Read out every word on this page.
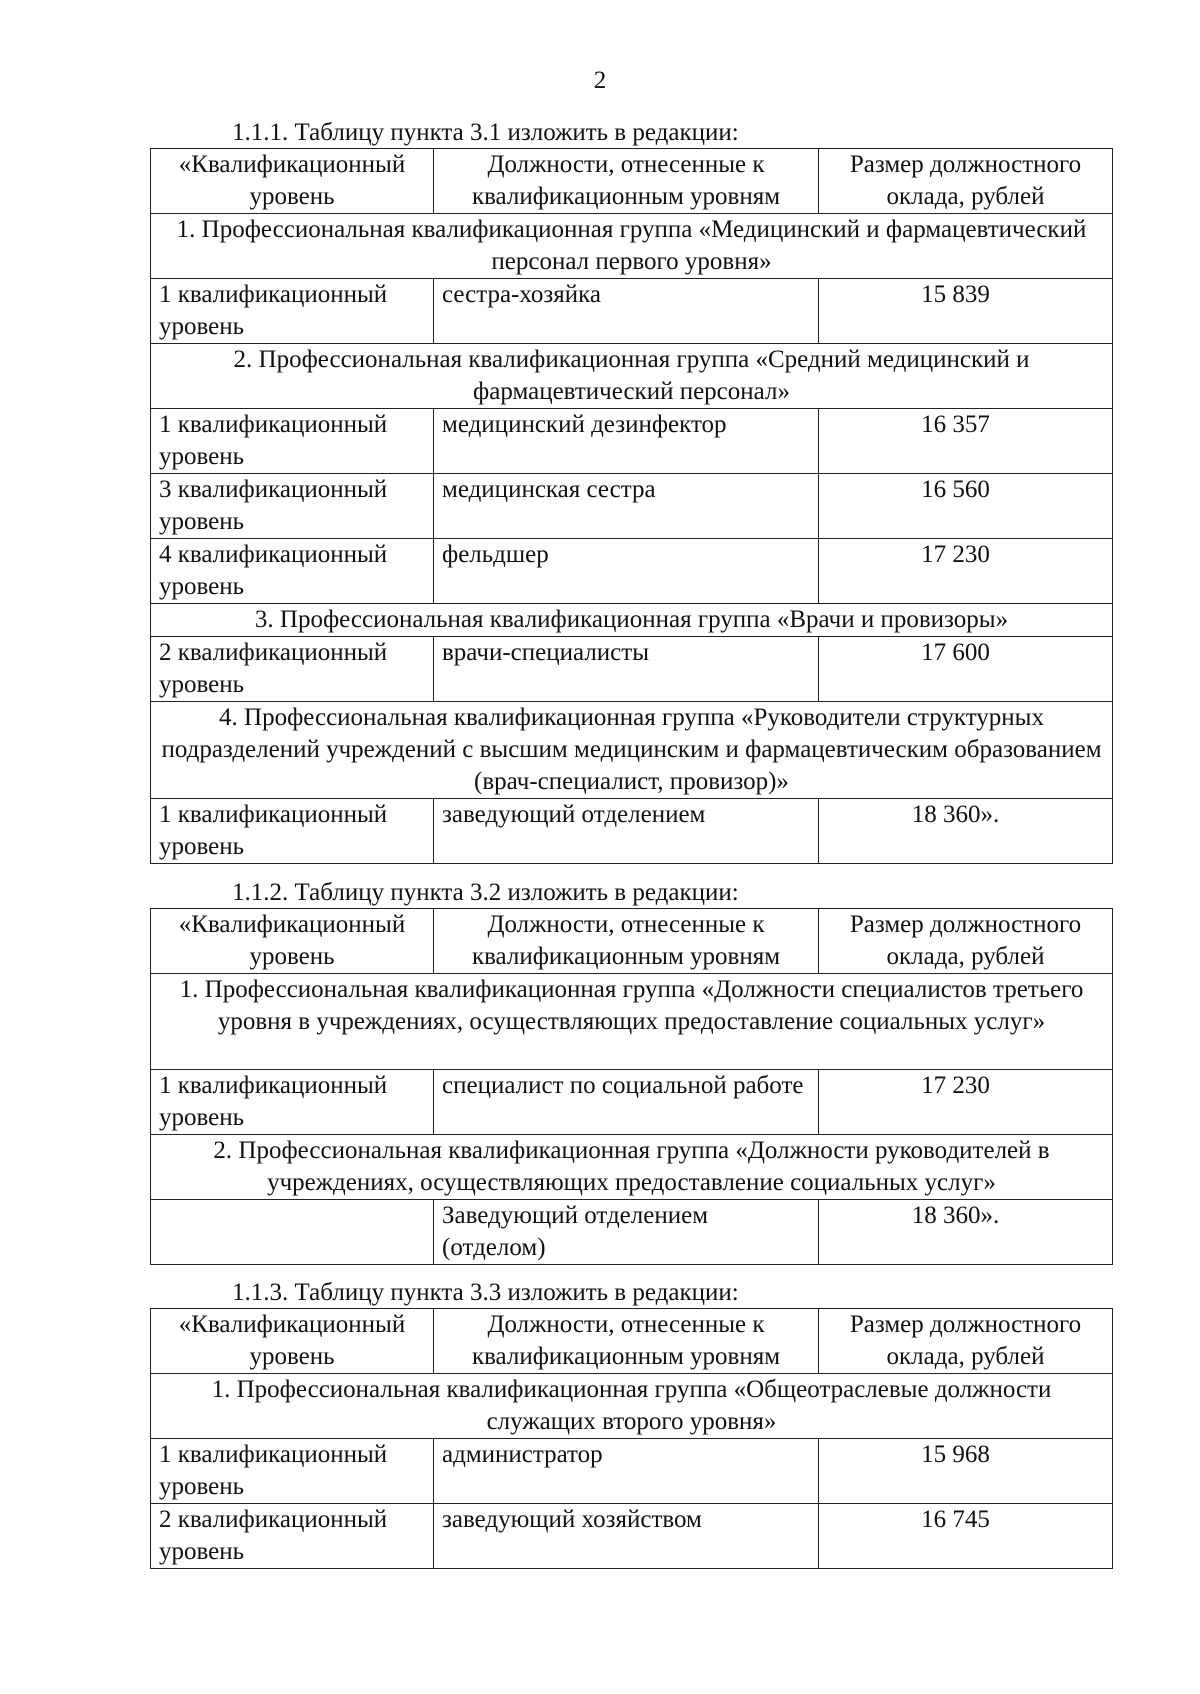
2
1.1.1. Таблицу пункта 3.1 изложить в редакции:
«Квалификационный уровень	Должности, отнесенные к квалификационным уровням	Размер должностного оклада, рублей
1. Профессиональная квалификационная группа «Медицинский и фармацевтический персонал первого уровня»		
1 квалификационный уровень	сестра-хозяйка	15 839
2. Профессиональная квалификационная группа «Средний медицинский и фармацевтический персонал»		
1 квалификационный уровень	медицинский дезинфектор	16 357
3 квалификационный уровень	медицинская сестра	16 560
4 квалификационный уровень	фельдшер	17 230
3. Профессиональная квалификационная группа «Врачи и провизоры»		
2 квалификационный уровень	врачи-специалисты	17 600
4. Профессиональная квалификационная группа «Руководители структурных подразделений учреждений с высшим медицинским и фармацевтическим образованием (врач-специалист, провизор)»		
1 квалификационный уровень	заведующий отделением	18 360».
1.1.2. Таблицу пункта 3.2 изложить в редакции:
«Квалификационный уровень	Должности, отнесенные к квалификационным уровням	Размер должностного оклада, рублей
1. Профессиональная квалификационная группа «Должности специалистов третьего уровня в учреждениях, осуществляющих предоставление социальных услуг»		
1 квалификационный уровень	специалист по социальной работе	17 230
2. Профессиональная квалификационная группа «Должности руководителей в учреждениях, осуществляющих предоставление социальных услуг»		
	Заведующий отделением (отделом)	18 360».
1.1.3. Таблицу пункта 3.3 изложить в редакции:
«Квалификационный уровень	Должности, отнесенные к квалификационным уровням	Размер должностного оклада, рублей
1. Профессиональная квалификационная группа «Общеотраслевые должности служащих второго уровня»		
1 квалификационный уровень	администратор	15 968
2 квалификационный уровень	заведующий хозяйством	16 745
